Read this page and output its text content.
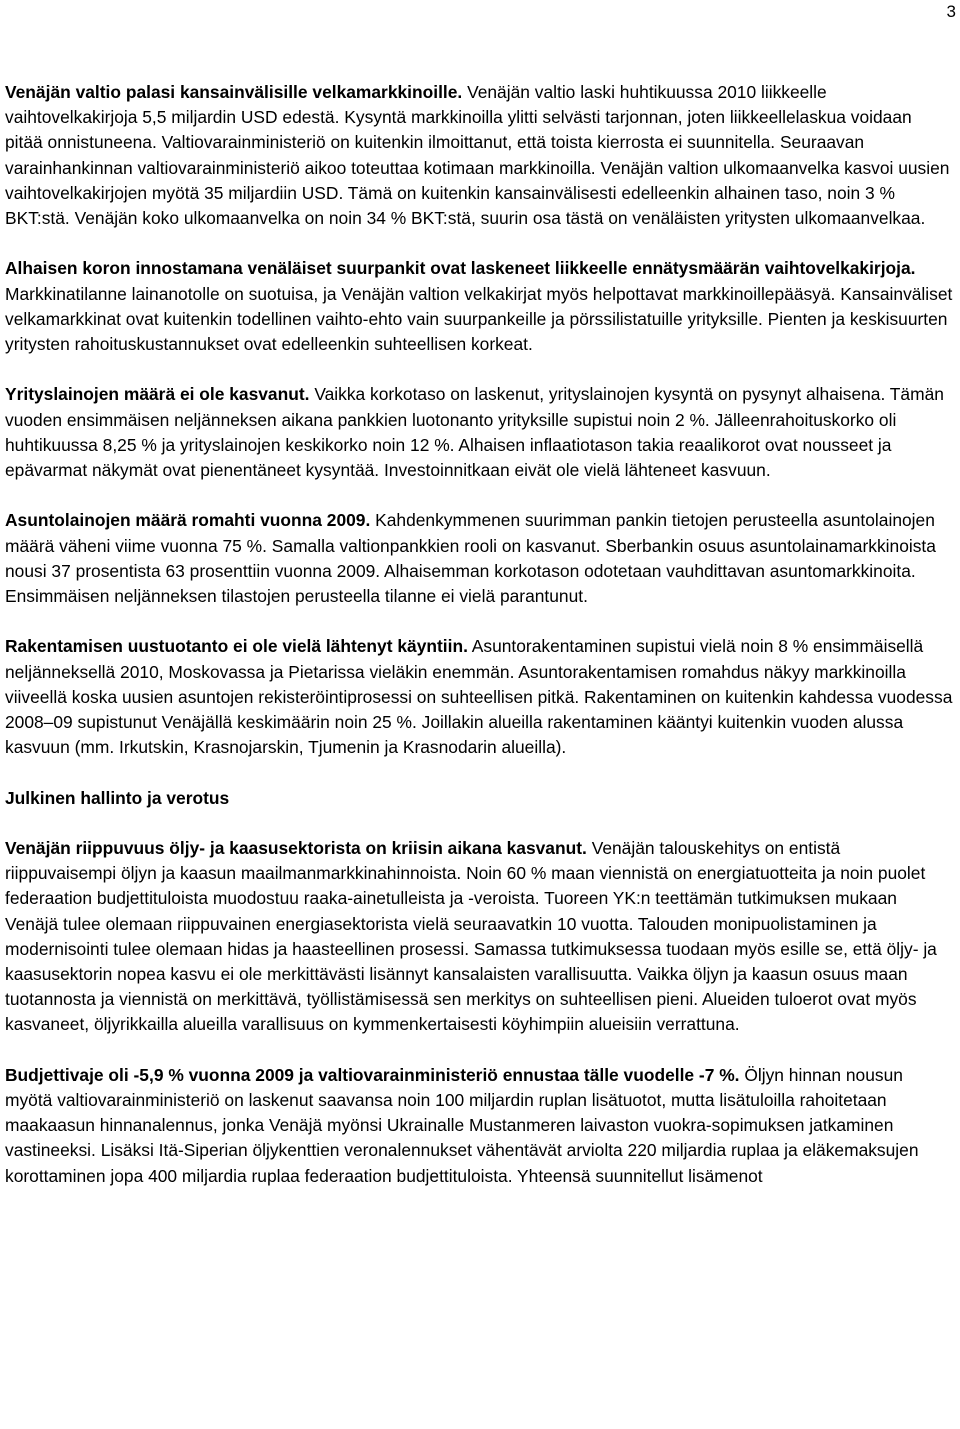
3

Venäjän valtio palasi kansainvälisille velkamarkkinoille. Venäjän valtio laski huhtikuussa 2010 liikkeelle vaihtovelkakirjoja 5,5 miljardin USD edestä. Kysyntä markkinoilla ylitti selvästi tarjonnan, joten liikkeellelaskua voidaan pitää onnistuneena. Valtiovarainministeriö on kuitenkin ilmoittanut, että toista kierrosta ei suunnitella. Seuraavan varainhankinnan valtiovarainministeriö aikoo toteuttaa kotimaan markkinoilla. Venäjän valtion ulkomaanvelka kasvoi uusien vaihtovelkakirjojen myötä 35 miljardiin USD. Tämä on kuitenkin kansainvälisesti edelleenkin alhainen taso, noin 3 % BKT:stä. Venäjän koko ulkomaanvelka on noin 34 % BKT:stä, suurin osa tästä on venäläisten yritysten ulkomaanvelkaa.

Alhaisen koron innostamana venäläiset suurpankit ovat laskeneet liikkeelle ennätysmäärän vaihtovelkakirjoja. Markkinatilanne lainanotolle on suotuisa, ja Venäjän valtion velkakirjat myös helpottavat markkinoillepääsyä. Kansainväliset velkamarkkinat ovat kuitenkin todellinen vaihto-ehto vain suurpankeille ja pörssilistatuille yrityksille. Pienten ja keskisuurten yritysten rahoituskustannukset ovat edelleenkin suhteellisen korkeat.

Yrityslainojen määrä ei ole kasvanut. Vaikka korkotaso on laskenut, yrityslainojen kysyntä on pysynyt alhaisena. Tämän vuoden ensimmäisen neljänneksen aikana pankkien luotonanto yrityksille supistui noin 2 %. Jälleenrahoituskorko oli huhtikuussa 8,25 % ja yrityslainojen keskikorko noin 12 %. Alhaisen inflaatiotason takia reaalikorot ovat nousseet ja epävarmat näkymät ovat pienentäneet kysyntää. Investoinnitkaan eivät ole vielä lähteneet kasvuun.

Asuntolainojen määrä romahti vuonna 2009. Kahdenkymmenen suurimman pankin tietojen perusteella asuntolainojen määrä väheni viime vuonna 75 %. Samalla valtionpankkien rooli on kasvanut. Sberbankin osuus asuntolainamarkkinoista nousi 37 prosentista 63 prosenttiin vuonna 2009. Alhaisemman korkotason odotetaan vauhdittavan asuntomarkkinoita. Ensimmäisen neljänneksen tilastojen perusteella tilanne ei vielä parantunut.

Rakentamisen uustuotanto ei ole vielä lähtenyt käyntiin. Asuntorakentaminen supistui vielä noin 8 % ensimmäisellä neljänneksellä 2010, Moskovassa ja Pietarissa vieläkin enemmän. Asuntorakentamisen romahdus näkyy markkinoilla viiveellä koska uusien asuntojen rekisteröintiprosessi on suhteellisen pitkä. Rakentaminen on kuitenkin kahdessa vuodessa 2008–09 supistunut Venäjällä keskimäärin noin 25 %. Joillakin alueilla rakentaminen kääntyi kuitenkin vuoden alussa kasvuun (mm. Irkutskin, Krasnojarskin, Tjumenin ja Krasnodarin alueilla).

Julkinen hallinto ja verotus

Venäjän riippuvuus öljy- ja kaasusektorista on kriisin aikana kasvanut. Venäjän talouskehitys on entistä riippuvaisempi öljyn ja kaasun maailmanmarkkinahinnoista. Noin 60 % maan viennistä on energiatuotteita ja noin puolet federaation budjettituloista muodostuu raaka-ainetulleista ja -veroista. Tuoreen YK:n teettämän tutkimuksen mukaan Venäjä tulee olemaan riippuvainen energiasektorista vielä seuraavatkin 10 vuotta. Talouden monipuolistaminen ja modernisointi tulee olemaan hidas ja haasteellinen prosessi. Samassa tutkimuksessa tuodaan myös esille se, että öljy- ja kaasusektorin nopea kasvu ei ole merkittävästi lisännyt kansalaisten varallisuutta. Vaikka öljyn ja kaasun osuus maan tuotannosta ja viennistä on merkittävä, työllistämisessä sen merkitys on suhteellisen pieni. Alueiden tuloerot ovat myös kasvaneet, öljyrikkailla alueilla varallisuus on kymmenkertaisesti köyhimpiin alueisiin verrattuna.

Budjettivaje oli -5,9 % vuonna 2009 ja valtiovarainministeriö ennustaa tälle vuodelle -7 %. Öljyn hinnan nousun myötä valtiovarainministeriö on laskenut saavansa noin 100 miljardin ruplan lisätuotot, mutta lisätuloilla rahoitetaan maakaasun hinnanalennus, jonka Venäjä myönsi Ukrainalle Mustanmeren laivaston vuokra-sopimuksen jatkaminen vastineeksi. Lisäksi Itä-Siperian öljykenttien veronalennukset vähentävät arviolta 220 miljardia ruplaa ja eläkemaksujen korottaminen jopa 400 miljardia ruplaa federaation budjettituloista. Yhteensä suunnitellut lisämenot
